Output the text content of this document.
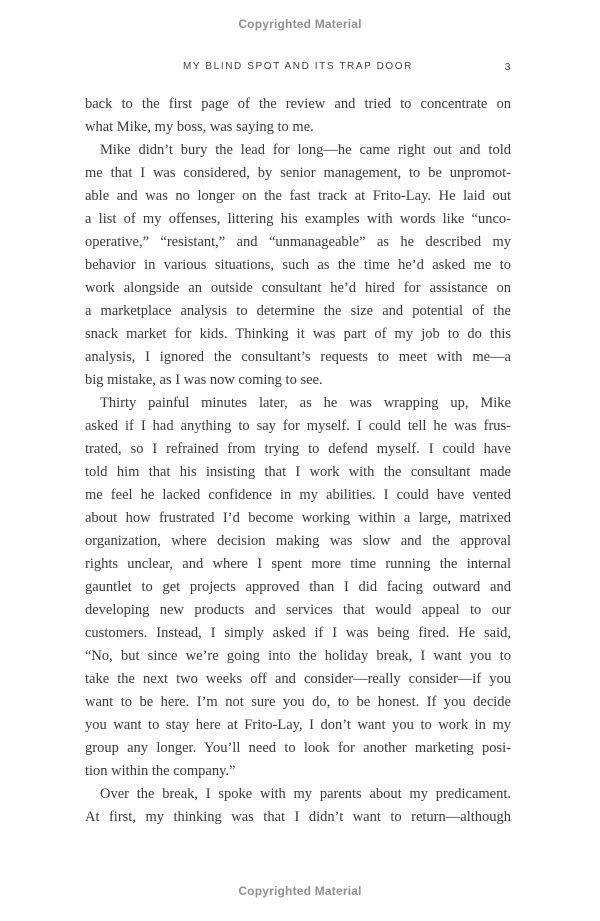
Copyrighted Material
MY BLIND SPOT AND ITS TRAP DOOR	3
back to the first page of the review and tried to concentrate on
what Mike, my boss, was saying to me.
Mike didn’t bury the lead for long—he came right out and told
me that I was considered, by senior management, to be unpromot-
able and was no longer on the fast track at Frito-Lay. He laid out
a list of my offenses, littering his examples with words like “unco-
operative,” “resistant,” and “unmanageable” as he described my
behavior in various situations, such as the time he’d asked me to
work alongside an outside consultant he’d hired for assistance on
a marketplace analysis to determine the size and potential of the
snack market for kids. Thinking it was part of my job to do this
analysis, I ignored the consultant’s requests to meet with me—a
big mistake, as I was now coming to see.
Thirty painful minutes later, as he was wrapping up, Mike
asked if I had anything to say for myself. I could tell he was frus-
trated, so I refrained from trying to defend myself. I could have
told him that his insisting that I work with the consultant made
me feel he lacked confidence in my abilities. I could have vented
about how frustrated I’d become working within a large, matrixed
organization, where decision making was slow and the approval
rights unclear, and where I spent more time running the internal
gauntlet to get projects approved than I did facing outward and
developing new products and services that would appeal to our
customers. Instead, I simply asked if I was being fired. He said,
“No, but since we’re going into the holiday break, I want you to
take the next two weeks off and consider—really consider—if you
want to be here. I’m not sure you do, to be honest. If you decide
you want to stay here at Frito-Lay, I don’t want you to work in my
group any longer. You’ll need to look for another marketing posi-
tion within the company.”
Over the break, I spoke with my parents about my predicament.
At first, my thinking was that I didn’t want to return—although
Copyrighted Material
